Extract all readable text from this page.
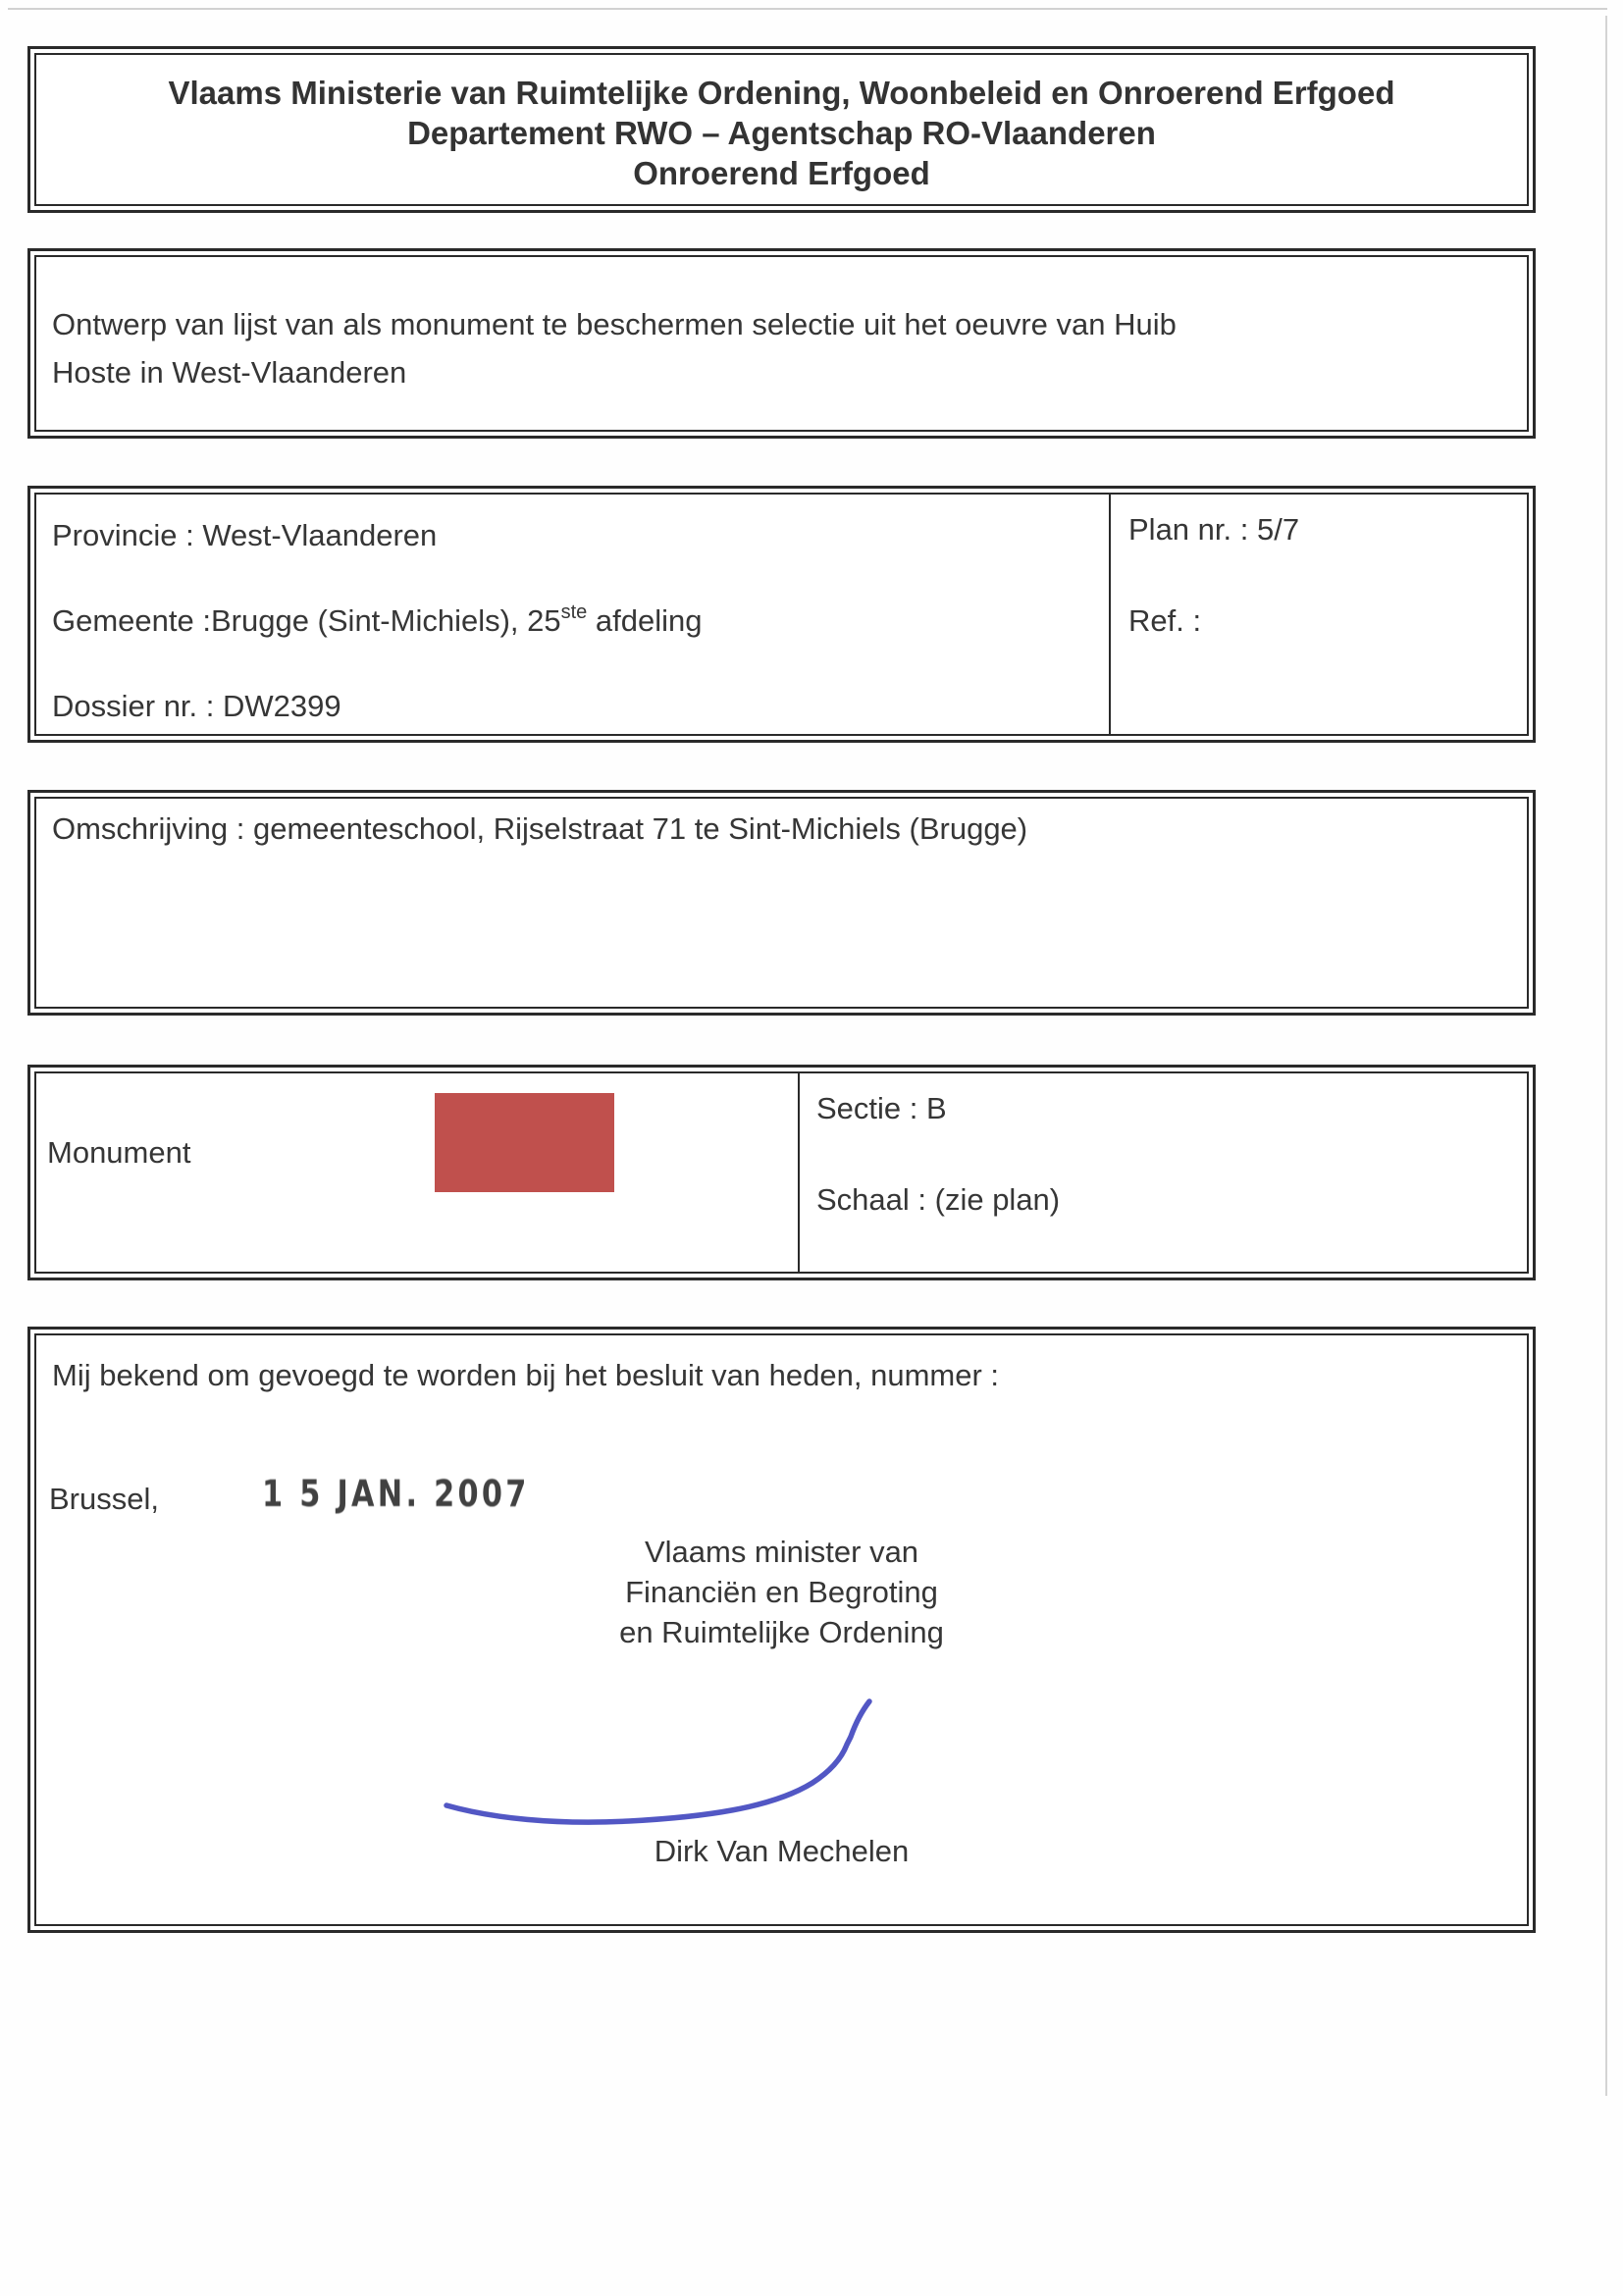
Vlaams Ministerie van Ruimtelijke Ordening, Woonbeleid en Onroerend Erfgoed
Departement RWO – Agentschap RO-Vlaanderen
Onroerend Erfgoed
Ontwerp van lijst van als monument te beschermen selectie uit het oeuvre van Huib
Hoste in West-Vlaanderen
Provincie : West-Vlaanderen
Gemeente :Brugge (Sint-Michiels), 25ste afdeling
Dossier nr. : DW2399
Plan nr. : 5/7
Ref. :
Omschrijving : gemeenteschool, Rijselstraat 71 te Sint-Michiels (Brugge)
Monument
Sectie : B
Schaal : (zie plan)
Mij bekend om gevoegd te worden bij het besluit van heden, nummer :
Brussel,	1 5 JAN. 2007
Vlaams minister van
Financiën en Begroting
en Ruimtelijke Ordening
Dirk Van Mechelen
